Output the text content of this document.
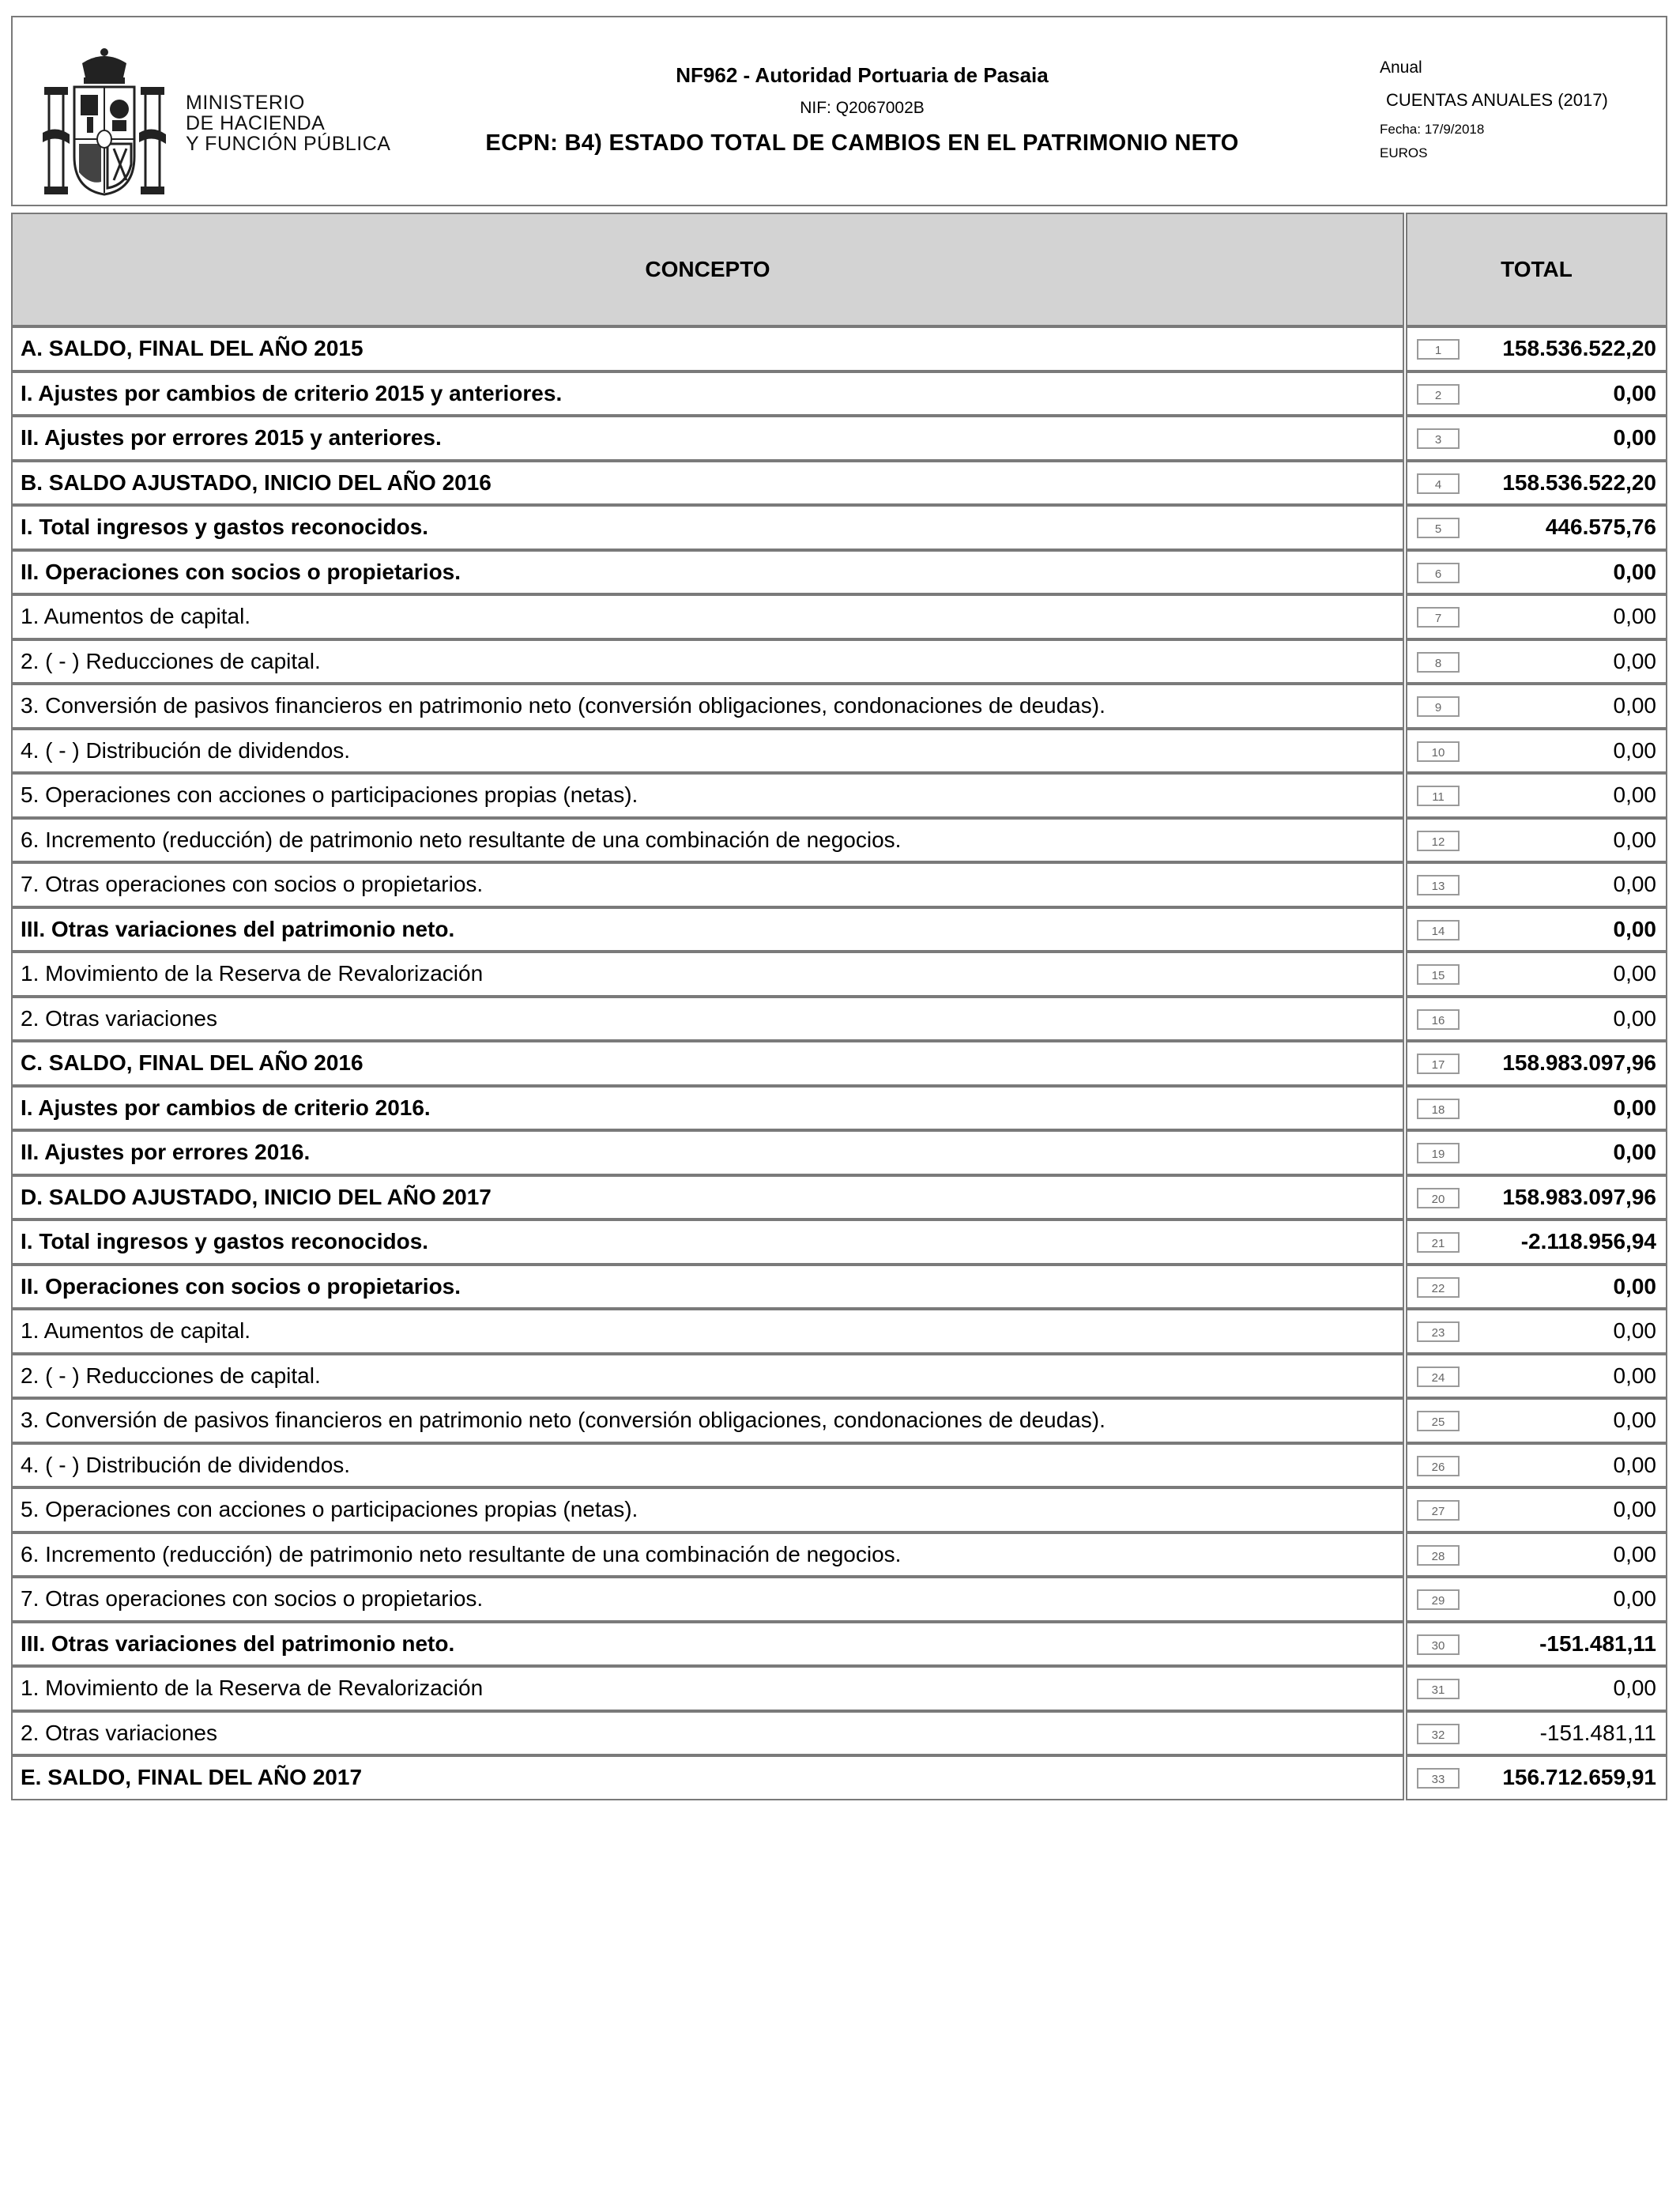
MINISTERIO
DE HACIENDA
Y FUNCIÓN PÚBLICA
NF962 - Autoridad Portuaria de Pasaia
NIF: Q2067002B
ECPN: B4) ESTADO TOTAL DE CAMBIOS EN EL PATRIMONIO NETO
Anual
CUENTAS ANUALES (2017)
Fecha: 17/9/2018
EUROS
CONCEPTO	TOTAL
A. SALDO, FINAL DEL AÑO 2015	1	158.536.522,20
I. Ajustes por cambios de criterio 2015 y anteriores.	2	0,00
II. Ajustes por errores 2015 y anteriores.	3	0,00
B. SALDO AJUSTADO, INICIO DEL AÑO 2016	4	158.536.522,20
I. Total ingresos y gastos reconocidos.	5	446.575,76
II. Operaciones con socios o propietarios.	6	0,00
1. Aumentos de capital.	7	0,00
2. ( - ) Reducciones de capital.	8	0,00
3. Conversión de pasivos financieros en patrimonio neto (conversión obligaciones, condonaciones de deudas).	9	0,00
4. ( - ) Distribución de dividendos.	10	0,00
5. Operaciones con acciones o participaciones propias (netas).	11	0,00
6. Incremento (reducción) de patrimonio neto resultante de una combinación de negocios.	12	0,00
7. Otras operaciones con socios o propietarios.	13	0,00
III. Otras variaciones del patrimonio neto.	14	0,00
1. Movimiento de la Reserva de Revalorización	15	0,00
2. Otras variaciones	16	0,00
C. SALDO, FINAL DEL AÑO 2016	17	158.983.097,96
I. Ajustes por cambios de criterio 2016.	18	0,00
II. Ajustes por errores 2016.	19	0,00
D. SALDO AJUSTADO, INICIO DEL AÑO 2017	20	158.983.097,96
I. Total ingresos y gastos reconocidos.	21	-2.118.956,94
II. Operaciones con socios o propietarios.	22	0,00
1. Aumentos de capital.	23	0,00
2. ( - ) Reducciones de capital.	24	0,00
3. Conversión de pasivos financieros en patrimonio neto (conversión obligaciones, condonaciones de deudas).	25	0,00
4. ( - ) Distribución de dividendos.	26	0,00
5. Operaciones con acciones o participaciones propias (netas).	27	0,00
6. Incremento (reducción) de patrimonio neto resultante de una combinación de negocios.	28	0,00
7. Otras operaciones con socios o propietarios.	29	0,00
III. Otras variaciones del patrimonio neto.	30	-151.481,11
1. Movimiento de la Reserva de Revalorización	31	0,00
2. Otras variaciones	32	-151.481,11
E. SALDO, FINAL DEL AÑO 2017	33	156.712.659,91
